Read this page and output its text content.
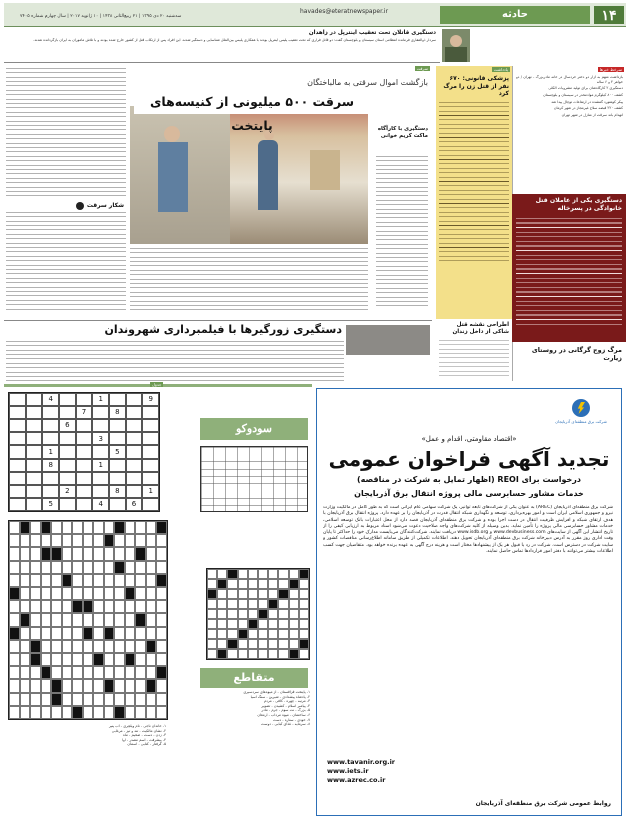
۱۴
حادثه
havades@eteratnewspaper.ir
سه‌شنبه ۲۰ دی ۱۳۹۵ | ۲۱ ربیع‌الثانی ۱۴۳۸ | ۱۰ ژانویه ۲۰۱۷ | سال چهارم شماره ۷۴۰۵
دستگیری قاتلان تحت تعقیب اینترپل در زاهدان
سردار ذوالفقاری فرمانده انتظامی استان سیستان و بلوچستان گفت: دو قاتل فراری که تحت تعقیب پلیس اینترپل بودند با همکاری پلیس بین‌الملل شناسایی و دستگیر شدند. این افراد پس از ارتکاب قتل از کشور خارج شده بودند و با تلاش ماموران به ایران بازگردانده شدند.
سرخط خبرها
بازداشت متهم به آزار دو دختر خردسال در خانه مادربزرگ - تهران / دو خواهر ۴ و ۶ ساله
دستگیری ۲ کارگاه‌شان برای تولید مشروبات الکلی
کشف ۸۰۰ کیلوگرم موادمخدر در سیستان و بلوچستان
پیکر کوهنورد گمشده در ارتفاعات توچال پیدا شد
کشف ۲۲۰ قبضه سلاح غیرمجاز در شهر کرمان
انهدام باند سرقت از منازل در شهر تهران
دستگیری یکی از عاملان قتل خانوادگی در پسرخاله
مرگ زوج گرگانی در روستای زیارت
یادداشت
پزشکی قانونی: ۶۷۰ نفر از قتل زن را مرگ کرد
اطراحی نقشه قتل شاکی از داخل زندان
سرقت
بازگشت اموال سرقتی به مالباختگان
سرقت ۵۰۰ میلیونی از کنیسه‌های پایتخت	دستگیری با کارآگاه ماکت کریم خوانی
شکار سرقت
دستگیری زورگیرها با فیلمبرداری شهروندان
جدول
9
1
4
8
7
6
3
5
1
1
8
1
8
2
6
4
5
سودوکو
متقاطع
۱- پایتخت قزاقستان - از میوه‌های سردسیری
۲- پادشاه پیشدادی - شیرین - سنگ آسیا
۳- مرتبه - چهره - کافی - مردم
۴- پیامبر اسلام - کشیدن - تصویر
۵- بزرگ - نت سوم - جرم - مادر
۶- ساختمان - میوه مرداب - ارمغان
۷- خودی - ستاره - دست
۸- سرمایه - غذای کبابی - دوست
۱- خاندان ناجی - نام ویلچری - آب پنیر
۲- نشان مالکیت - تند و تیز - مرغابی
۳- زدن - دست - ضخیم - ماه
۴- پیشرفت - اسم مصدر - آوا
۵- گرفتار - کتابی - آسمان
شرکت برق منطقه‌ای آذربایجان
«اقتصاد مقاومتی، اقدام و عمل»
تجدید آگهی فراخوان عمومی
درخواست برای REOI (اظهار تمایل به شرکت در مناقصه)
خدمات مشاور حسابرسی مالی پروژه انتقال برق آذربایجان
شرکت برق منطقه‌ای آذربایجان (AREC) به عنوان یکی از شرکت‌های تابعه توانیر، یک شرکت سهامی عام ایرانی است که به طور کامل در مالکیت وزارت نیرو و جمهوری اسلامی ایران است و امور بهره‌برداری، توسعه و نگهداری شبکه انتقال قدرت در آذربایجان را بر عهده دارد. پروژه انتقال برق آذربایجان با هدف ارتقای شبکه و افزایش ظرفیت انتقال در دست اجرا بوده و شرکت برق منطقه‌ای آذربایجان قصد دارد از محل اعتبارات بانک توسعه اسلامی، خدمات مشاور حسابرسی مالی پروژه را تأمین نماید. بدین وسیله از کلیه شرکت‌های واجد صلاحیت دعوت می‌شود اسناد مربوط به ارزیابی کیفی را از تاریخ انتشار این آگهی از سایت‌های www.devbusiness.com و www.isdb.org دریافت نمایند. شرکت‌کنندگان می‌بایست مدارک خود را حداکثر تا پایان وقت اداری روز مقرر به آدرس دبیرخانه شرکت برق منطقه‌ای آذربایجان تحویل دهند. اطلاعات تکمیلی از طریق سامانه اطلاع‌رسانی مناقصات کشور و سایت شرکت در دسترس است. شرکت در رد یا قبول هر یک از پیشنهادها مختار است و هزینه درج آگهی به عهده برنده خواهد بود. متقاضیان جهت کسب اطلاعات بیشتر می‌توانند با دفتر امور قراردادها تماس حاصل نمایند.
www.tavanir.org.ir
www.iets.ir
www.azrec.co.ir
روابط عمومی شرکت برق منطقه‌ای آذربایجان
